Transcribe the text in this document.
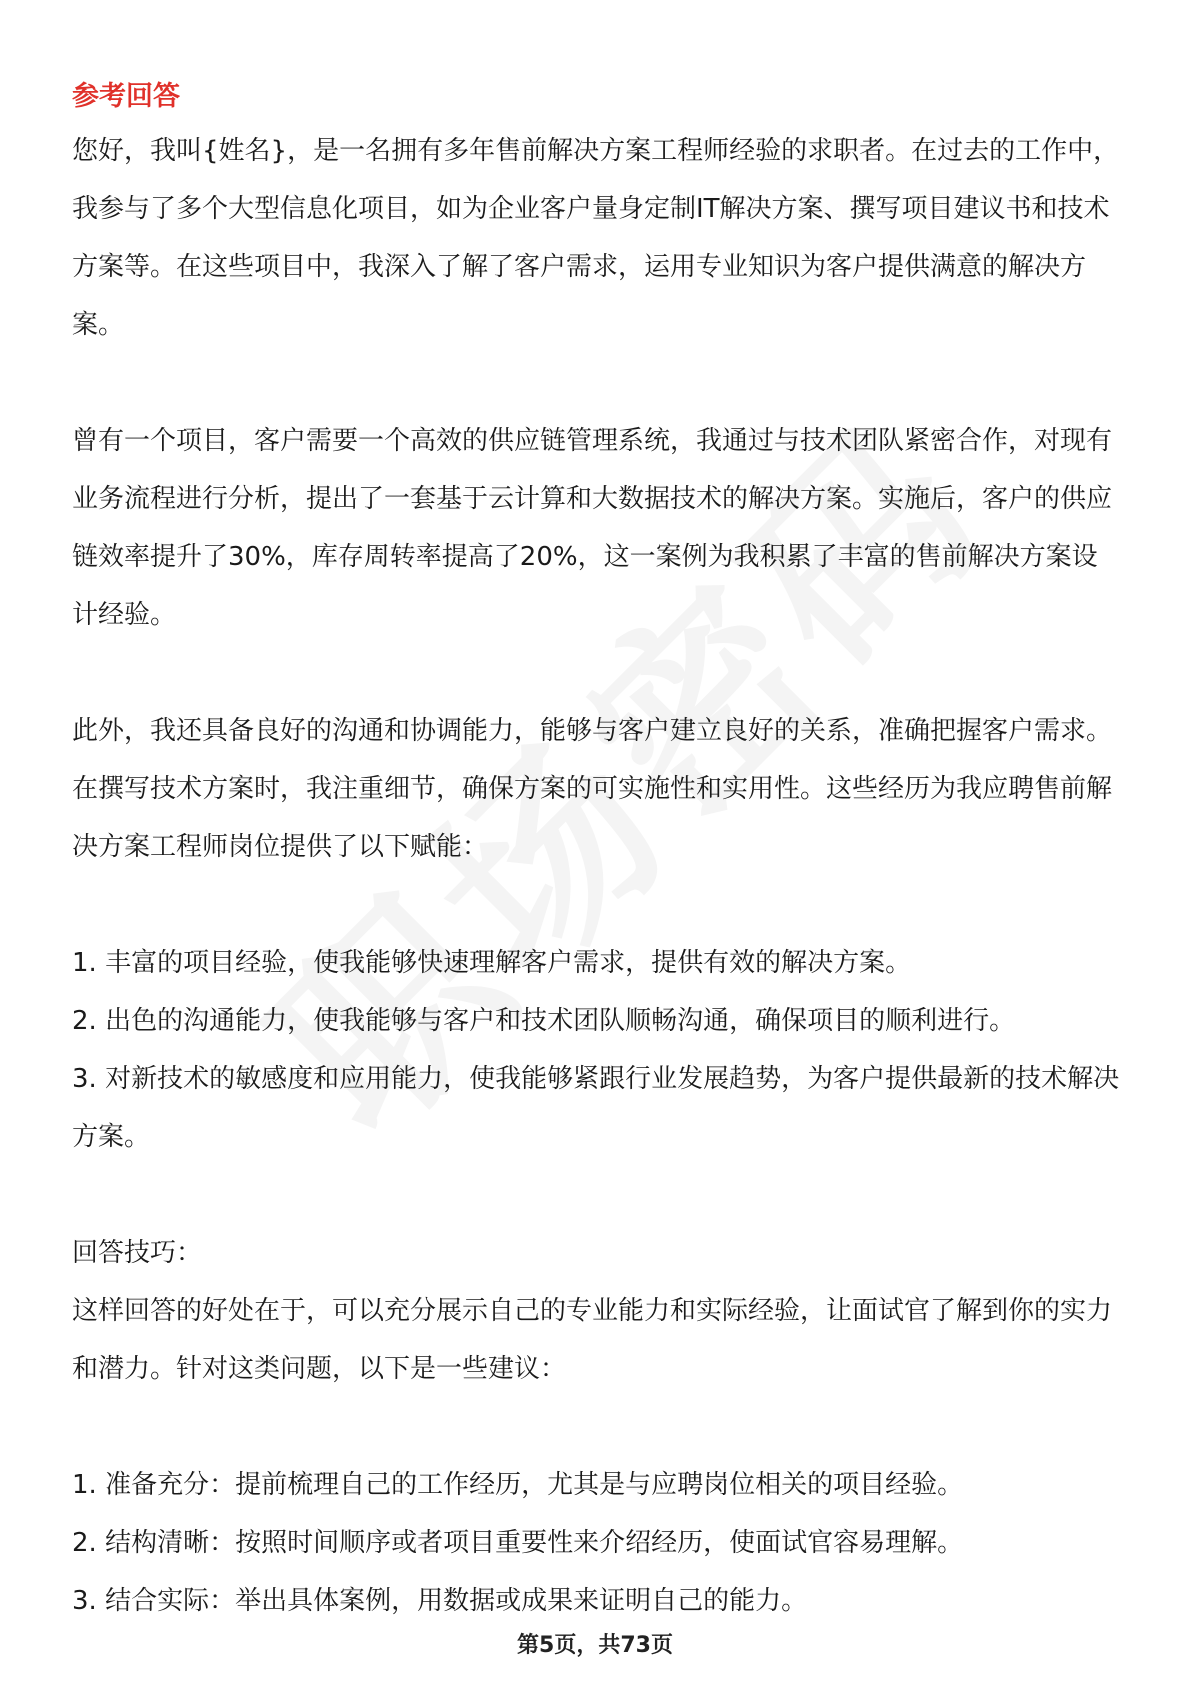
参考回答

您好，我叫{姓名}，是一名拥有多年售前解决方案工程师经验的求职者。在过去的工作中，我参与了多个大型信息化项目，如为企业客户量身定制IT解决方案、撰写项目建议书和技术方案等。在这些项目中，我深入了解了客户需求，运用专业知识为客户提供满意的解决方案。

曾有一个项目，客户需要一个高效的供应链管理系统，我通过与技术团队紧密合作，对现有业务流程进行分析，提出了一套基于云计算和大数据技术的解决方案。实施后，客户的供应链效率提升了30%，库存周转率提高了20%，这一案例为我积累了丰富的售前解决方案设计经验。

此外，我还具备良好的沟通和协调能力，能够与客户建立良好的关系，准确把握客户需求。在撰写技术方案时，我注重细节，确保方案的可实施性和实用性。这些经历为我应聘售前解决方案工程师岗位提供了以下赋能：

1. 丰富的项目经验，使我能够快速理解客户需求，提供有效的解决方案。

2. 出色的沟通能力，使我能够与客户和技术团队顺畅沟通，确保项目的顺利进行。

3. 对新技术的敏感度和应用能力，使我能够紧跟行业发展趋势，为客户提供最新的技术解决方案。

回答技巧：

这样回答的好处在于，可以充分展示自己的专业能力和实际经验，让面试官了解到你的实力和潜力。针对这类问题，以下是一些建议：

1. 准备充分：提前梳理自己的工作经历，尤其是与应聘岗位相关的项目经验。

2. 结构清晰：按照时间顺序或者项目重要性来介绍经历，使面试官容易理解。

3. 结合实际：举出具体案例，用数据或成果来证明自己的能力。

第5页，共73页
